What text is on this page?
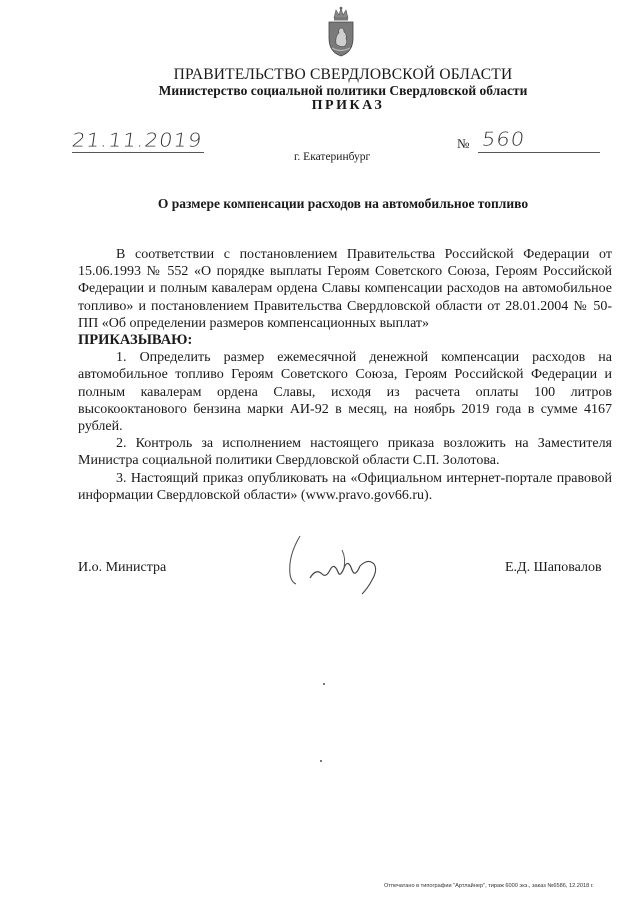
ПРАВИТЕЛЬСТВО СВЕРДЛОВСКОЙ ОБЛАСТИ
Министерство социальной политики Свердловской области
ПРИКАЗ
21.11.2019	№ 560
г. Екатеринбург
О размере компенсации расходов на автомобильное топливо

В соответствии с постановлением Правительства Российской Федерации от 15.06.1993 № 552 «О порядке выплаты Героям Советского Союза, Героям Российской Федерации и полным кавалерам ордена Славы компенсации расходов на автомобильное топливо» и постановлением Правительства Свердловской области от 28.01.2004 № 50-ПП «Об определении размеров компенсационных выплат»

ПРИКАЗЫВАЮ:

1. Определить размер ежемесячной денежной компенсации расходов на автомобильное топливо Героям Советского Союза, Героям Российской Федерации и полным кавалерам ордена Славы, исходя из расчета оплаты 100 литров высокооктанового бензина марки АИ-92 в месяц, на ноябрь 2019 года в сумме 4167 рублей.

2. Контроль за исполнением настоящего приказа возложить на Заместителя Министра социальной политики Свердловской области С.П. Золотова.

3. Настоящий приказ опубликовать на «Официальном интернет-портале правовой информации Свердловской области» (www.pravo.gov66.ru).

И.о. Министра	Е.Д. Шаповалов
Отпечатано в типографии "Артлайнер", тираж 6000 экз., заказ №6586, 12.2018 г.
